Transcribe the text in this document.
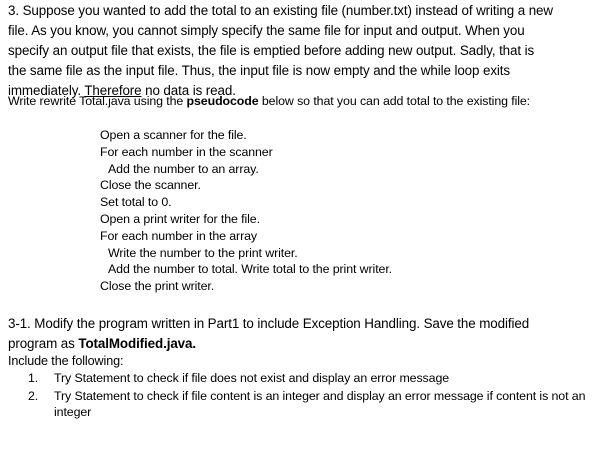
3. Suppose you wanted to add the total to an existing file (number.txt) instead of writing a new
file. As you know, you cannot simply specify the same file for input and output. When you
specify an output file that exists, the file is emptied before adding new output. Sadly, that is
the same file as the input file. Thus, the input file is now empty and the while loop exits
immediately. Therefore no data is read.
Write rewrite Total.java using the pseudocode below so that you can add total to the existing file:
Open a scanner for the file.
For each number in the scanner
Add the number to an array.
Close the scanner.
Set total to 0.
Open a print writer for the file.
For each number in the array
Write the number to the print writer.
Add the number to total. Write total to the print writer.
Close the print writer.
3-1. Modify the program written in Part1 to include Exception Handling. Save the modified
program as TotalModified.java.
Include the following:
1. Try Statement to check if file does not exist and display an error message
2. Try Statement to check if file content is an integer and display an error message if content is not an integer
